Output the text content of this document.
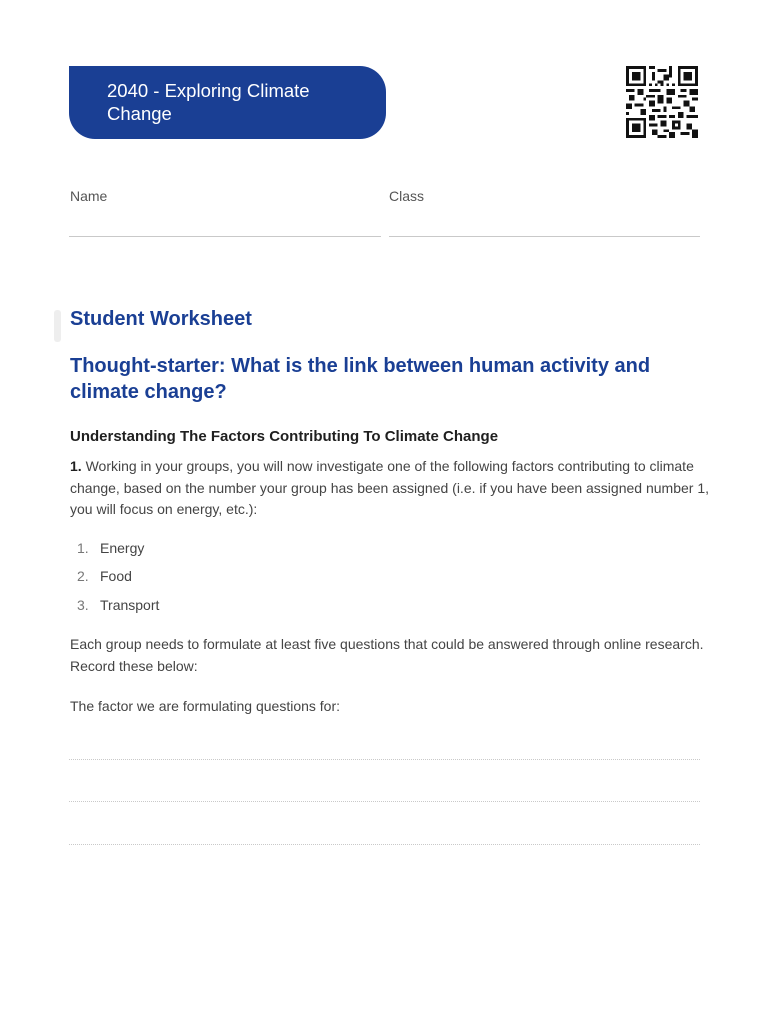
2040 - Exploring Climate Change
Name	Class
Student Worksheet
Thought-starter: What is the link between human activity and climate change?
Understanding The Factors Contributing To Climate Change
1. Working in your groups, you will now investigate one of the following factors contributing to climate change, based on the number your group has been assigned (i.e. if you have been assigned number 1, you will focus on energy, etc.):
1. Energy
2. Food
3. Transport
Each group needs to formulate at least five questions that could be answered through online research. Record these below:
The factor we are formulating questions for:
